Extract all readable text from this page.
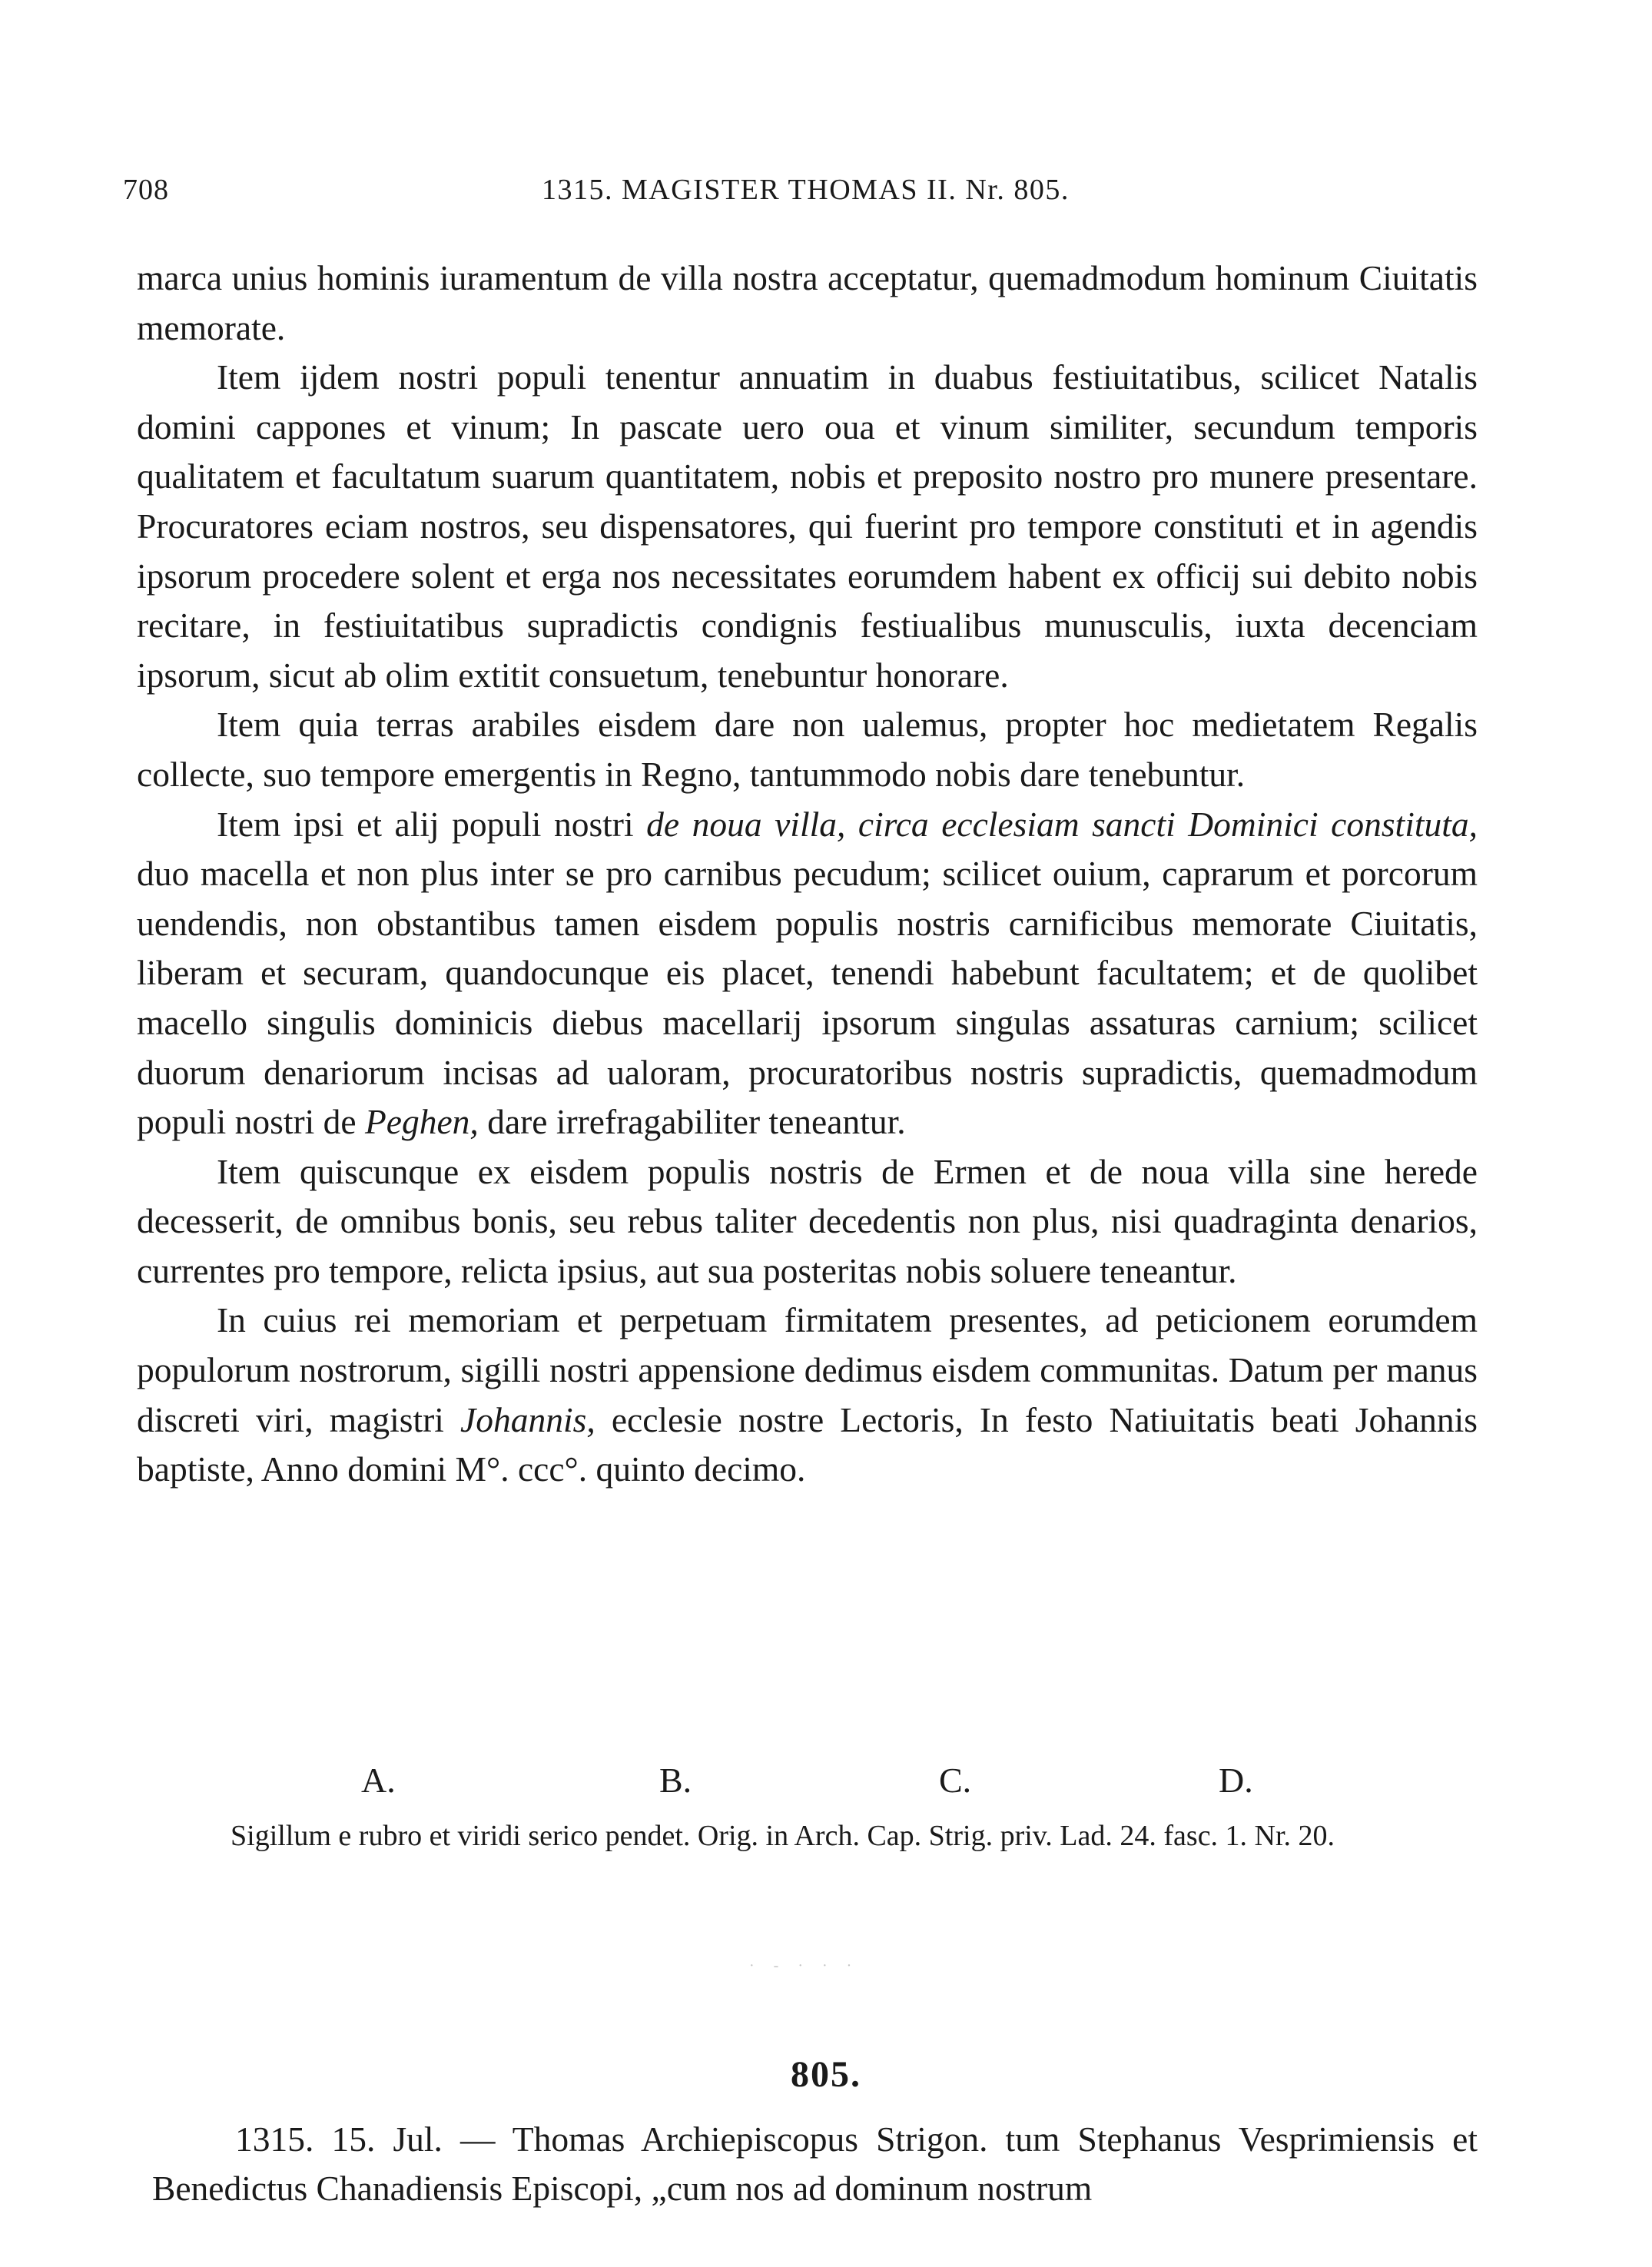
708	1315. MAGISTER THOMAS II. Nr. 805.

marca unius hominis iuramentum de villa nostra acceptatur, quemadmodum hominum Ciuitatis memorate.

Item ijdem nostri populi tenentur annuatim in duabus festiuitatibus, scilicet Natalis domini cappones et vinum; In pascate uero oua et vinum similiter, secundum temporis qualitatem et facultatum suarum quantitatem, nobis et preposito nostro pro munere presentare. Procuratores eciam nostros, seu dispensatores, qui fuerint pro tempore constituti et in agendis ipsorum procedere solent et erga nos necessitates eorumdem habent ex officij sui debito nobis recitare, in festiuitatibus supradictis condignis festiualibus munusculis, iuxta decenciam ipsorum, sicut ab olim extitit consuetum, tenebuntur honorare.

Item quia terras arabiles eisdem dare non ualemus, propter hoc medietatem Regalis collecte, suo tempore emergentis in Regno, tantummodo nobis dare tenebuntur.

Item ipsi et alij populi nostri de noua villa, circa ecclesiam sancti Dominici constituta, duo macella et non plus inter se pro carnibus pecudum; scilicet ouium, caprarum et porcorum uendendis, non obstantibus tamen eisdem populis nostris carnificibus memorate Ciuitatis, liberam et securam, quandocunque eis placet, tenendi habebunt facultatem; et de quolibet macello singulis dominicis diebus macellarij ipsorum singulas assaturas carnium; scilicet duorum denariorum incisas ad ualoram, procuratoribus nostris supradictis, quemadmodum populi nostri de Peghen, dare irrefragabiliter teneantur.

Item quiscunque ex eisdem populis nostris de Ermen et de noua villa sine herede decesserit, de omnibus bonis, seu rebus taliter decedentis non plus, nisi quadraginta denarios, currentes pro tempore, relicta ipsius, aut sua posteritas nobis soluere teneantur.

In cuius rei memoriam et perpetuam firmitatem presentes, ad peticionem eorumdem populorum nostrorum, sigilli nostri appensione dedimus eisdem communitas. Datum per manus discreti viri, magistri Johannis, ecclesie nostre Lectoris, In festo Natiuitatis beati Johannis baptiste, Anno domini M°. ccc°. quinto decimo.

A.	B.	C.	D.

Sigillum e rubro et viridi serico pendet. Orig. in Arch. Cap. Strig. priv. Lad. 24. fasc. 1. Nr. 20.

· - · · ·
805.

1315. 15. Jul. — Thomas Archiepiscopus Strigon. tum Stephanus Vesprimiensis et Benedictus Chanadiensis Episcopi, „cum nos ad dominum nostrum
